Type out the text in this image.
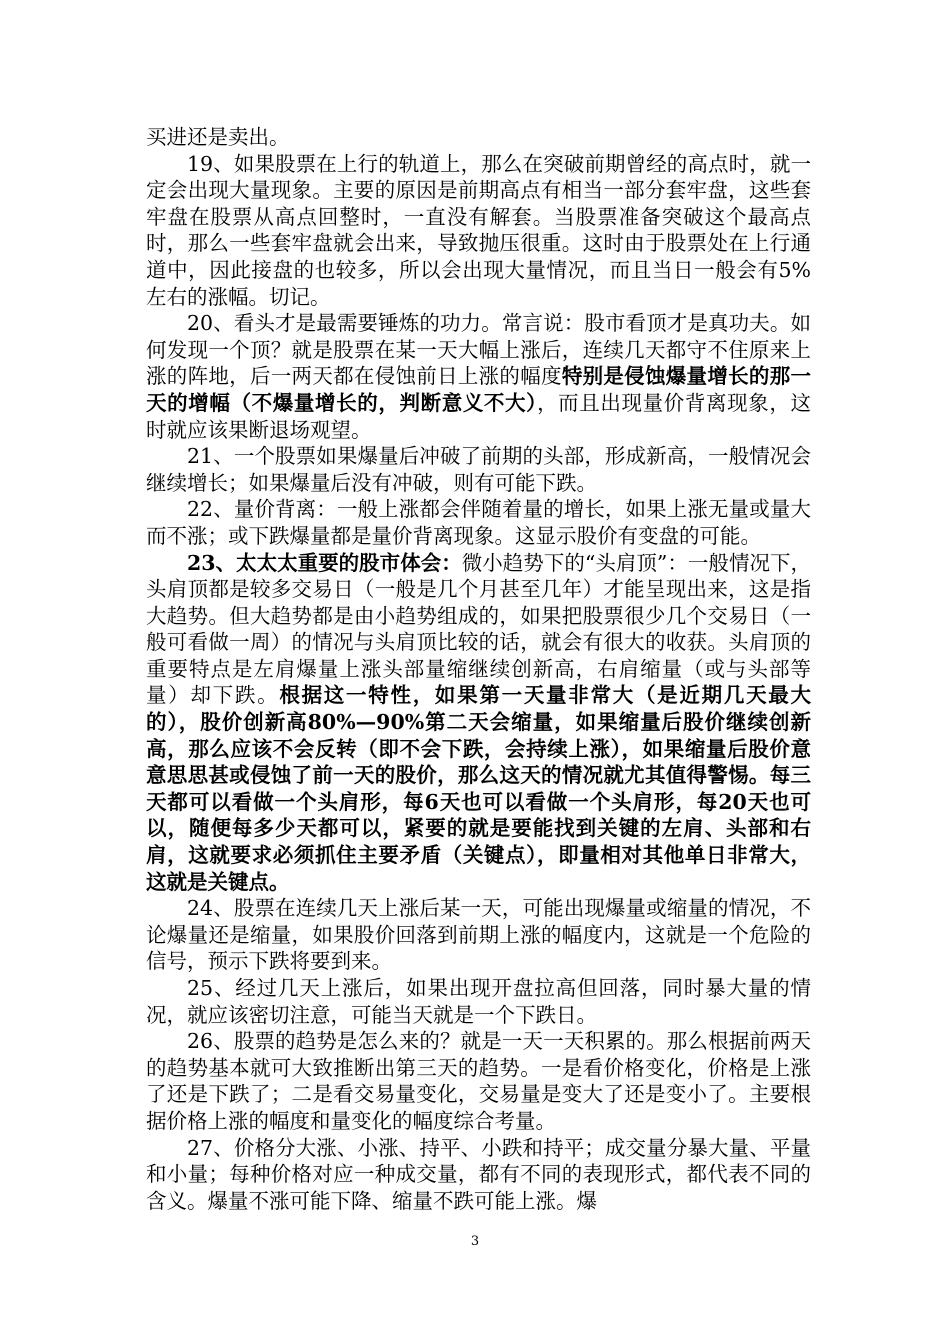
买进还是卖出。

19、如果股票在上行的轨道上，那么在突破前期曾经的高点时，就一定会出现大量现象。主要的原因是前期高点有相当一部分套牢盘，这些套牢盘在股票从高点回整时，一直没有解套。当股票准备突破这个最高点时，那么一些套牢盘就会出来，导致抛压很重。这时由于股票处在上行通道中，因此接盘的也较多，所以会出现大量情况，而且当日一般会有5%左右的涨幅。切记。

20、看头才是最需要锤炼的功力。常言说：股市看顶才是真功夫。如何发现一个顶？就是股票在某一天大幅上涨后，连续几天都守不住原来上涨的阵地，后一两天都在侵蚀前日上涨的幅度特别是侵蚀爆量增长的那一天的增幅（不爆量增长的，判断意义不大），而且出现量价背离现象，这时就应该果断退场观望。

21、一个股票如果爆量后冲破了前期的头部，形成新高，一般情况会继续增长；如果爆量后没有冲破，则有可能下跌。

22、量价背离：一般上涨都会伴随着量的增长，如果上涨无量或量大而不涨；或下跌爆量都是量价背离现象。这显示股价有变盘的可能。

23、太太太重要的股市体会：微小趋势下的“头肩顶”：一般情况下，头肩顶都是较多交易日（一般是几个月甚至几年）才能呈现出来，这是指大趋势。但大趋势都是由小趋势组成的，如果把股票很少几个交易日（一般可看做一周）的情况与头肩顶比较的话，就会有很大的收获。头肩顶的重要特点是左肩爆量上涨头部量缩继续创新高，右肩缩量（或与头部等量）却下跌。根据这一特性，如果第一天量非常大（是近期几天最大的），股价创新高80%—90%第二天会缩量，如果缩量后股价继续创新高，那么应该不会反转（即不会下跌，会持续上涨），如果缩量后股价意意思思甚或侵蚀了前一天的股价，那么这天的情况就尤其值得警惕。每三天都可以看做一个头肩形，每6天也可以看做一个头肩形，每20天也可以，随便每多少天都可以，紧要的就是要能找到关键的左肩、头部和右肩，这就要求必须抓住主要矛盾（关键点），即量相对其他单日非常大，这就是关键点。

24、股票在连续几天上涨后某一天，可能出现爆量或缩量的情况，不论爆量还是缩量，如果股价回落到前期上涨的幅度内，这就是一个危险的信号，预示下跌将要到来。

25、经过几天上涨后，如果出现开盘拉高但回落，同时暴大量的情况，就应该密切注意，可能当天就是一个下跌日。

26、股票的趋势是怎么来的？就是一天一天积累的。那么根据前两天的趋势基本就可大致推断出第三天的趋势。一是看价格变化，价格是上涨了还是下跌了；二是看交易量变化，交易量是变大了还是变小了。主要根据价格上涨的幅度和量变化的幅度综合考量。

27、价格分大涨、小涨、持平、小跌和持平；成交量分暴大量、平量和小量；每种价格对应一种成交量，都有不同的表现形式，都代表不同的含义。爆量不涨可能下降、缩量不跌可能上涨。爆

3
